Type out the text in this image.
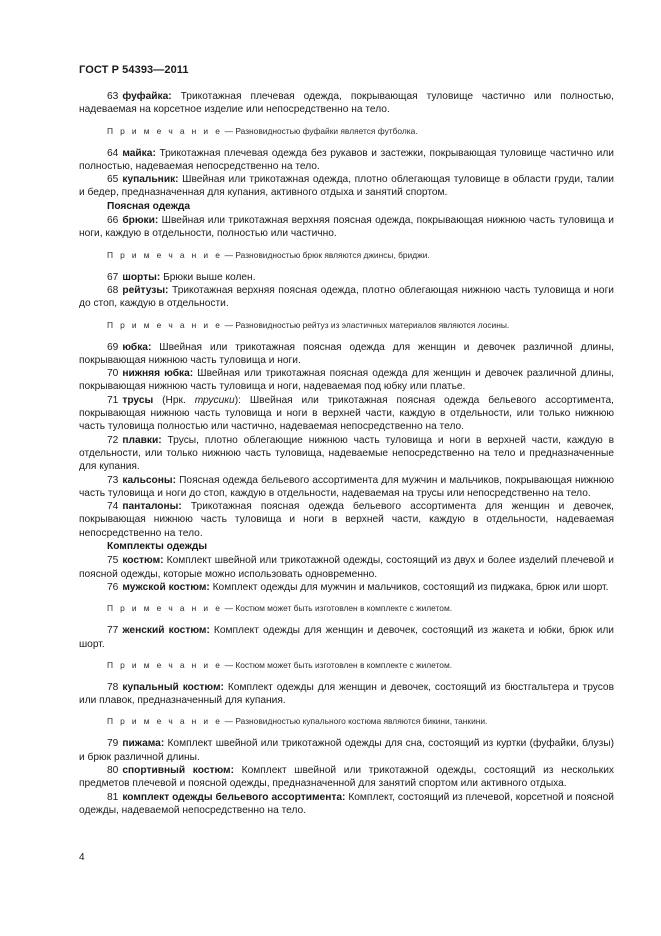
ГОСТ Р 54393—2011

63 фуфайка: Трикотажная плечевая одежда, покрывающая туловище частично или полностью, надеваемая на корсетное изделие или непосредственно на тело.

П р и м е ч а н и е — Разновидностью фуфайки является футболка.

64 майка: Трикотажная плечевая одежда без рукавов и застежки, покрывающая туловище частично или полностью, надеваемая непосредственно на тело.

65 купальник: Швейная или трикотажная одежда, плотно облегающая туловище в области груди, талии и бедер, предназначенная для купания, активного отдыха и занятий спортом.

Поясная одежда

66 брюки: Швейная или трикотажная верхняя поясная одежда, покрывающая нижнюю часть туловища и ноги, каждую в отдельности, полностью или частично.

П р и м е ч а н и е — Разновидностью брюк являются джинсы, бриджи.

67 шорты: Брюки выше колен.

68 рейтузы: Трикотажная верхняя поясная одежда, плотно облегающая нижнюю часть туловища и ноги до стоп, каждую в отдельности.

П р и м е ч а н и е — Разновидностью рейтуз из эластичных материалов являются лосины.

69 юбка: Швейная или трикотажная поясная одежда для женщин и девочек различной длины, покрывающая нижнюю часть туловища и ноги.

70 нижняя юбка: Швейная или трикотажная поясная одежда для женщин и девочек различной длины, покрывающая нижнюю часть туловища и ноги, надеваемая под юбку или платье.

71 трусы (Нрк. трусики): Швейная или трикотажная поясная одежда бельевого ассортимента, покрывающая нижнюю часть туловища и ноги в верхней части, каждую в отдельности, или только нижнюю часть туловища полностью или частично, надеваемая непосредственно на тело.

72 плавки: Трусы, плотно облегающие нижнюю часть туловища и ноги в верхней части, каждую в отдельности, или только нижнюю часть туловища, надеваемые непосредственно на тело и предназначенные для купания.

73 кальсоны: Поясная одежда бельевого ассортимента для мужчин и мальчиков, покрывающая нижнюю часть туловища и ноги до стоп, каждую в отдельности, надеваемая на трусы или непосредственно на тело.

74 панталоны: Трикотажная поясная одежда бельевого ассортимента для женщин и девочек, покрывающая нижнюю часть туловища и ноги в верхней части, каждую в отдельности, надеваемая непосредственно на тело.

Комплекты одежды

75 костюм: Комплект швейной или трикотажной одежды, состоящий из двух и более изделий плечевой и поясной одежды, которые можно использовать одновременно.

76 мужской костюм: Комплект одежды для мужчин и мальчиков, состоящий из пиджака, брюк или шорт.

П р и м е ч а н и е — Костюм может быть изготовлен в комплекте с жилетом.

77 женский костюм: Комплект одежды для женщин и девочек, состоящий из жакета и юбки, брюк или шорт.

П р и м е ч а н и е — Костюм может быть изготовлен в комплекте с жилетом.

78 купальный костюм: Комплект одежды для женщин и девочек, состоящий из бюстгальтера и трусов или плавок, предназначенный для купания.

П р и м е ч а н и е — Разновидностью купального костюма являются бикини, танкини.

79 пижама: Комплект швейной или трикотажной одежды для сна, состоящий из куртки (фуфайки, блузы) и брюк различной длины.

80 спортивный костюм: Комплект швейной или трикотажной одежды, состоящий из нескольких предметов плечевой и поясной одежды, предназначенной для занятий спортом или активного отдыха.

81 комплект одежды бельевого ассортимента: Комплект, состоящий из плечевой, корсетной и поясной одежды, надеваемой непосредственно на тело.

4
